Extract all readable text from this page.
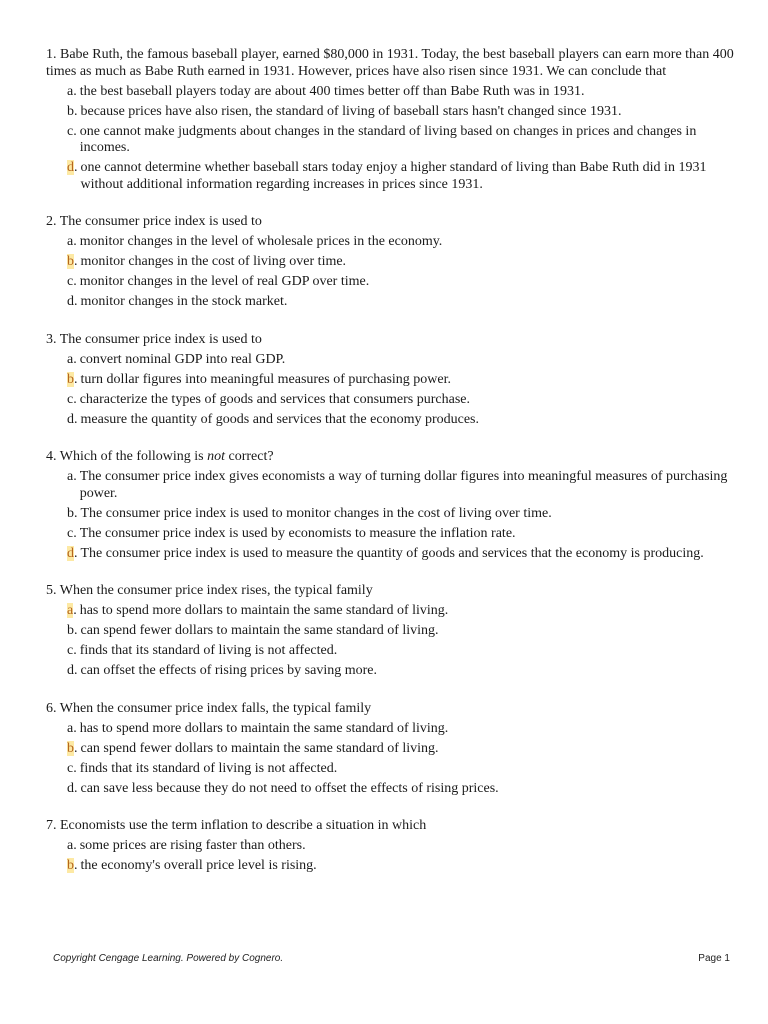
1. Babe Ruth, the famous baseball player, earned $80,000 in 1931. Today, the best baseball players can earn more than 400 times as much as Babe Ruth earned in 1931. However, prices have also risen since 1931. We can conclude that
a. the best baseball players today are about 400 times better off than Babe Ruth was in 1931.
b. because prices have also risen, the standard of living of baseball stars hasn't changed since 1931.
c. one cannot make judgments about changes in the standard of living based on changes in prices and changes in incomes.
d. one cannot determine whether baseball stars today enjoy a higher standard of living than Babe Ruth did in 1931 without additional information regarding increases in prices since 1931.
2. The consumer price index is used to
a. monitor changes in the level of wholesale prices in the economy.
b. monitor changes in the cost of living over time.
c. monitor changes in the level of real GDP over time.
d. monitor changes in the stock market.
3. The consumer price index is used to
a. convert nominal GDP into real GDP.
b. turn dollar figures into meaningful measures of purchasing power.
c. characterize the types of goods and services that consumers purchase.
d. measure the quantity of goods and services that the economy produces.
4. Which of the following is not correct?
a. The consumer price index gives economists a way of turning dollar figures into meaningful measures of purchasing power.
b. The consumer price index is used to monitor changes in the cost of living over time.
c. The consumer price index is used by economists to measure the inflation rate.
d. The consumer price index is used to measure the quantity of goods and services that the economy is producing.
5. When the consumer price index rises, the typical family
a. has to spend more dollars to maintain the same standard of living.
b. can spend fewer dollars to maintain the same standard of living.
c. finds that its standard of living is not affected.
d. can offset the effects of rising prices by saving more.
6. When the consumer price index falls, the typical family
a. has to spend more dollars to maintain the same standard of living.
b. can spend fewer dollars to maintain the same standard of living.
c. finds that its standard of living is not affected.
d. can save less because they do not need to offset the effects of rising prices.
7. Economists use the term inflation to describe a situation in which
a. some prices are rising faster than others.
b. the economy's overall price level is rising.
Copyright Cengage Learning. Powered by Cognero.	Page 1
